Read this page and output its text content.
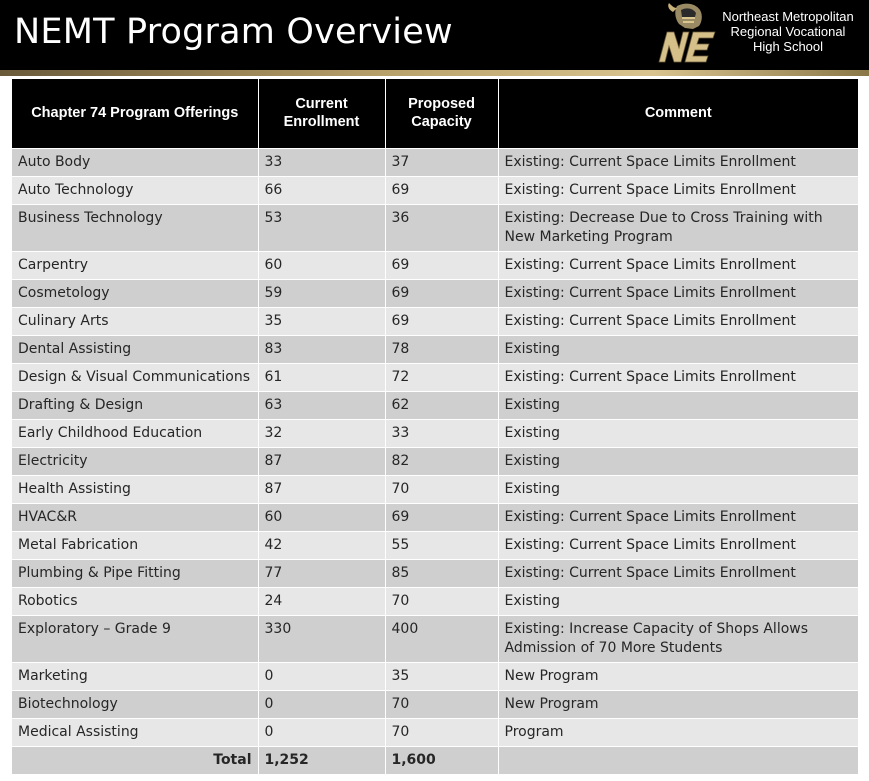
NEMT Program Overview	Northeast Metropolitan
Regional Vocational
High School
Chapter 74 Program Offerings	Current Enrollment	Proposed Capacity	Comment
Auto Body	33	37	Existing: Current Space Limits Enrollment
Auto Technology	66	69	Existing: Current Space Limits Enrollment
Business Technology	53	36	Existing: Decrease Due to Cross Training with New Marketing Program
Carpentry	60	69	Existing: Current Space Limits Enrollment
Cosmetology	59	69	Existing: Current Space Limits Enrollment
Culinary Arts	35	69	Existing: Current Space Limits Enrollment
Dental Assisting	83	78	Existing
Design & Visual Communications	61	72	Existing: Current Space Limits Enrollment
Drafting & Design	63	62	Existing
Early Childhood Education	32	33	Existing
Electricity	87	82	Existing
Health Assisting	87	70	Existing
HVAC&R	60	69	Existing: Current Space Limits Enrollment
Metal Fabrication	42	55	Existing: Current Space Limits Enrollment
Plumbing & Pipe Fitting	77	85	Existing: Current Space Limits Enrollment
Robotics	24	70	Existing
Exploratory – Grade 9	330	400	Existing: Increase Capacity of Shops Allows Admission of 70 More Students
Marketing	0	35	New Program
Biotechnology	0	70	New Program
Medical Assisting	0	70	Program
Total	1,252	1,600	
